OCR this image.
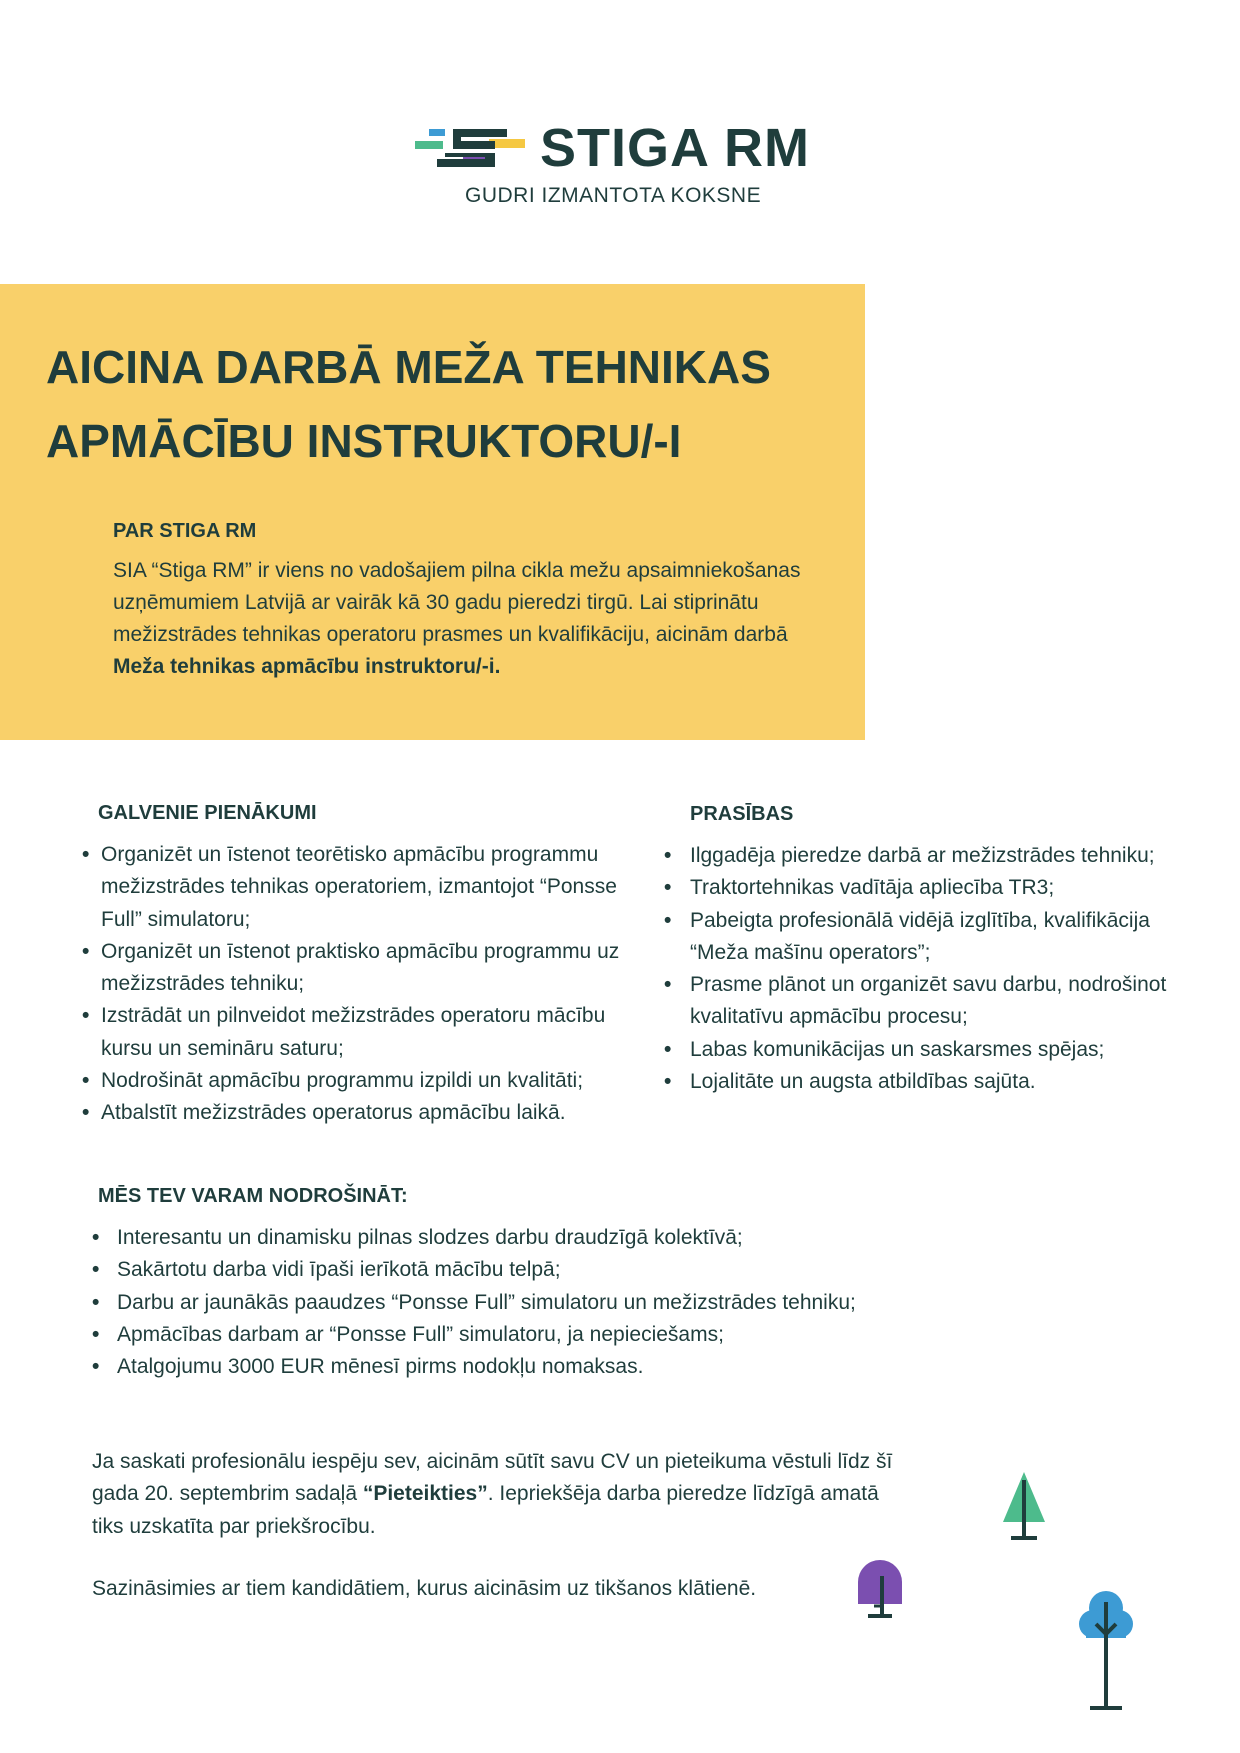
STIGA RM
GUDRI IZMANTOTA KOKSNE
AICINA DARBĀ MEŽA TEHNIKAS
APMĀCĪBU INSTRUKTORU/-I
PAR STIGA RM

SIA “Stiga RM” ir viens no vadošajiem pilna cikla mežu apsaimniekošanas uzņēmumiem Latvijā ar vairāk kā 30 gadu pieredzi tirgū. Lai stiprinātu mežizstrādes tehnikas operatoru prasmes un kvalifikāciju, aicinām darbā Meža tehnikas apmācību instruktoru/-i.

GALVENIE PIENĀKUMI
• Organizēt un īstenot teorētisko apmācību programmu mežizstrādes tehnikas operatoriem, izmantojot “Ponsse Full” simulatoru;
• Organizēt un īstenot praktisko apmācību programmu uz mežizstrādes tehniku;
• Izstrādāt un pilnveidot mežizstrādes operatoru mācību kursu un semināru saturu;
• Nodrošināt apmācību programmu izpildi un kvalitāti;
• Atbalstīt mežizstrādes operatorus apmācību laikā.
PRASĪBAS
• Ilggadēja pieredze darbā ar mežizstrādes tehniku;
• Traktortehnikas vadītāja apliecība TR3;
• Pabeigta profesionālā vidējā izglītība, kvalifikācija “Meža mašīnu operators”;
• Prasme plānot un organizēt savu darbu, nodrošinot kvalitatīvu apmācību procesu;
• Labas komunikācijas un saskarsmes spējas;
• Lojalitāte un augsta atbildības sajūta.
MĒS TEV VARAM NODROŠINĀT:
• Interesantu un dinamisku pilnas slodzes darbu draudzīgā kolektīvā;
• Sakārtotu darba vidi īpaši ierīkotā mācību telpā;
• Darbu ar jaunākās paaudzes “Ponsse Full” simulatoru un mežizstrādes tehniku;
• Apmācības darbam ar “Ponsse Full” simulatoru, ja nepieciešams;
• Atalgojumu 3000 EUR mēnesī pirms nodokļu nomaksas.

Ja saskati profesionālu iespēju sev, aicinām sūtīt savu CV un pieteikuma vēstuli līdz šī gada 20. septembrim sadaļā “Pieteikties”. Iepriekšēja darba pieredze līdzīgā amatā tiks uzskatīta par priekšrocību.

Sazināsimies ar tiem kandidātiem, kurus aicināsim uz tikšanos klātienē.
